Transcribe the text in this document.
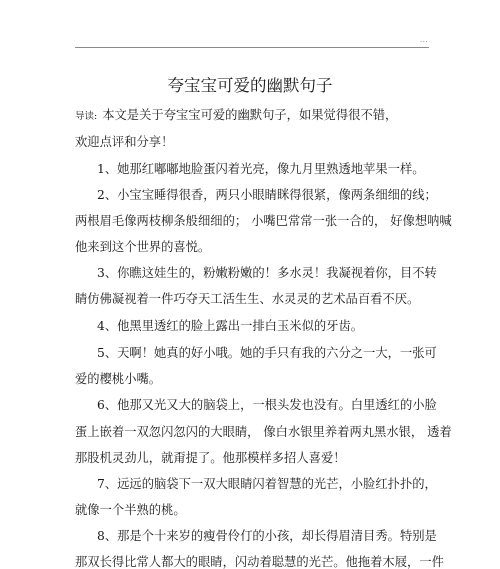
...
夸宝宝可爱的幽默句子
导读: 本文是关于夸宝宝可爱的幽默句子，如果觉得很不错，
欢迎点评和分享！
1、她那红嘟嘟地脸蛋闪着光亮，像九月里熟透地苹果一样。
2、小宝宝睡得很香，两只小眼睛眯得很紧，像两条细细的线；
两根眉毛像两枝柳条般细细的； 小嘴巴常常一张一合的， 好像想呐喊
他来到这个世界的喜悦。
3、你瞧这娃生的，粉嫩粉嫩的！多水灵！我凝视着你，目不转
睛仿佛凝视着一件巧夺天工活生生、水灵灵的艺术品百看不厌。
4、他黑里透红的脸上露出一排白玉米似的牙齿。
5、天啊！她真的好小哦。她的手只有我的六分之一大，一张可
爱的樱桃小嘴。
6、他那又光又大的脑袋上，一根头发也没有。白里透红的小脸
蛋上嵌着一双忽闪忽闪的大眼睛， 像白水银里养着两丸黑水银， 透着
那股机灵劲儿，就甭提了。他那模样多招人喜爱！
7、远远的脑袋下一双大眼睛闪着智慧的光芒，小脸红扑扑的，
就像一个半熟的桃。
8、那是个十来岁的瘦骨伶仃的小孩，却长得眉清目秀。特别是
那双长得比常人都大的眼睛，闪动着聪慧的光芒。他拖着木屐，一件
